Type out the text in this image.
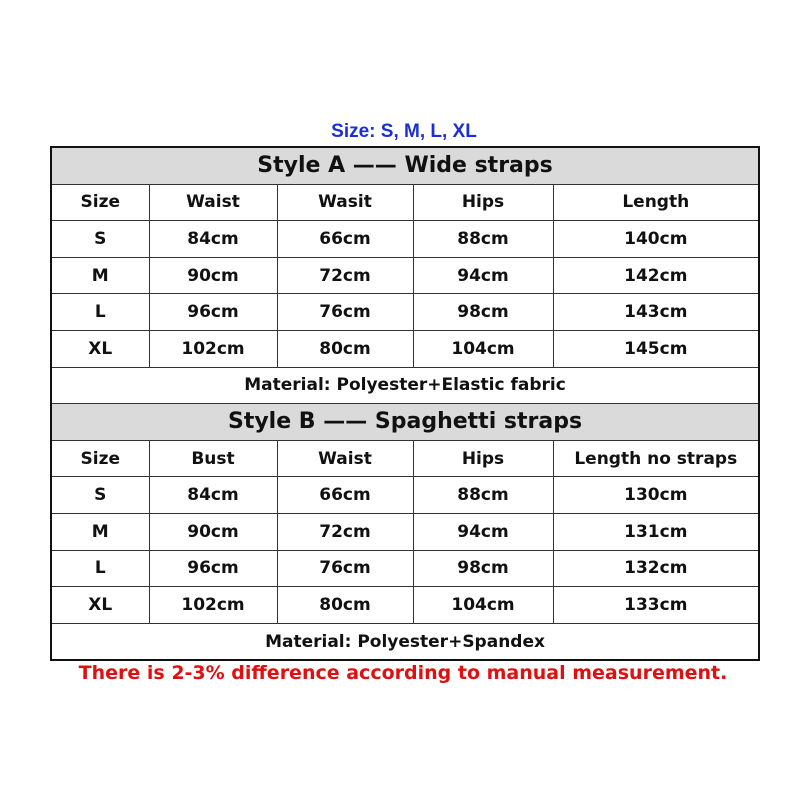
Size: S, M, L, XL
Style A —— Wide straps				
Size	Waist	Wasit	Hips	Length
S	84cm	66cm	88cm	140cm
M	90cm	72cm	94cm	142cm
L	96cm	76cm	98cm	143cm
XL	102cm	80cm	104cm	145cm
Material: Polyester+Elastic fabric				
Style B —— Spaghetti straps				
Size	Bust	Waist	Hips	Length no straps
S	84cm	66cm	88cm	130cm
M	90cm	72cm	94cm	131cm
L	96cm	76cm	98cm	132cm
XL	102cm	80cm	104cm	133cm
Material: Polyester+Spandex				
There is 2-3% difference according to manual measurement.
